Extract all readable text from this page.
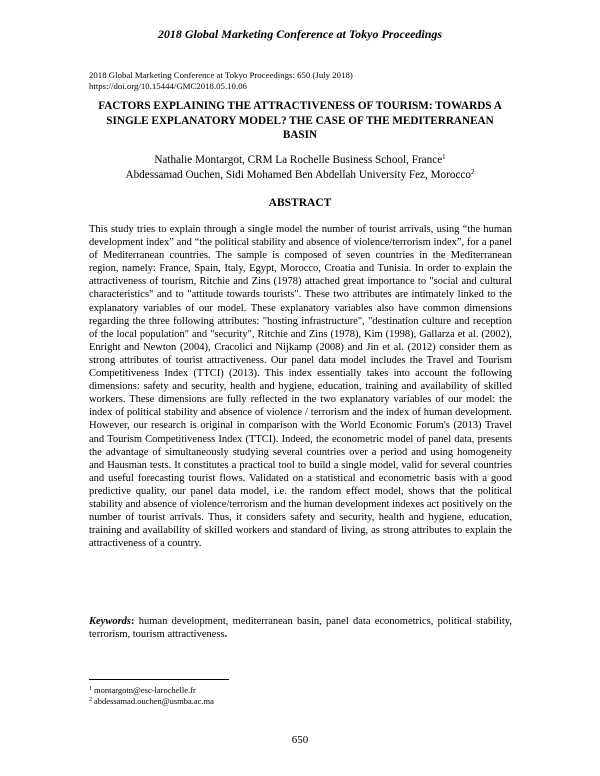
2018 Global Marketing Conference at Tokyo Proceedings
2018 Global Marketing Conference at Tokyo Proceedings: 650 (July 2018)
https://doi.org/10.15444/GMC2018.05.10.06
FACTORS EXPLAINING THE ATTRACTIVENESS OF TOURISM: TOWARDS A SINGLE EXPLANATORY MODEL? THE CASE OF THE MEDITERRANEAN BASIN
Nathalie Montargot, CRM La Rochelle Business School, France$^1$
Abdessamad Ouchen, Sidi Mohamed Ben Abdellah University Fez, Morocco$^2$
ABSTRACT

This study tries to explain through a single model the number of tourist arrivals, using “the human development index” and “the political stability and absence of violence/terrorism index”, for a panel of Mediterranean countries. The sample is composed of seven countries in the Mediterranean region, namely: France, Spain, Italy, Egypt, Morocco, Croatia and Tunisia. In order to explain the attractiveness of tourism, Ritchie and Zins (1978) attached great importance to "social and cultural characteristics" and to "attitude towards tourists". These two attributes are intimately linked to the explanatory variables of our model. These explanatory variables also have common dimensions regarding the three following attributes: "hosting infrastructure", "destination culture and reception of the local population" and "security", Ritchie and Zins (1978), Kim (1998), Gallarza et al. (2002), Enright and Newton (2004), Cracolici and Nijkamp (2008) and Jin et al. (2012) consider them as strong attributes of tourist attractiveness. Our panel data model includes the Travel and Tourism Competitiveness Index (TTCI) (2013). This index essentially takes into account the following dimensions: safety and security, health and hygiene, education, training and availability of skilled workers. These dimensions are fully reflected in the two explanatory variables of our model: the index of political stability and absence of violence / terrorism and the index of human development. However, our research is original in comparison with the World Economic Forum's (2013) Travel and Tourism Competitiveness Index (TTCI). Indeed, the econometric model of panel data, presents the advantage of simultaneously studying several countries over a period and using homogeneity and Hausman tests. It constitutes a practical tool to build a single model, valid for several countries and useful forecasting tourist flows. Validated on a statistical and econometric basis with a good predictive quality, our panel data model, i.e. the random effect model, shows that the political stability and absence of violence/terrorism and the human development indexes act positively on the number of tourist arrivals. Thus, it considers safety and security, health and hygiene, education, training and availability of skilled workers and standard of living, as strong attributes to explain the attractiveness of a country.

Keywords: human development, mediterranean basin, panel data econometrics, political stability, terrorism, tourism attractiveness.

$^1$ montargotn@esc-larochelle.fr
$^2$ abdessamad.ouchen@usmba.ac.ma
650
